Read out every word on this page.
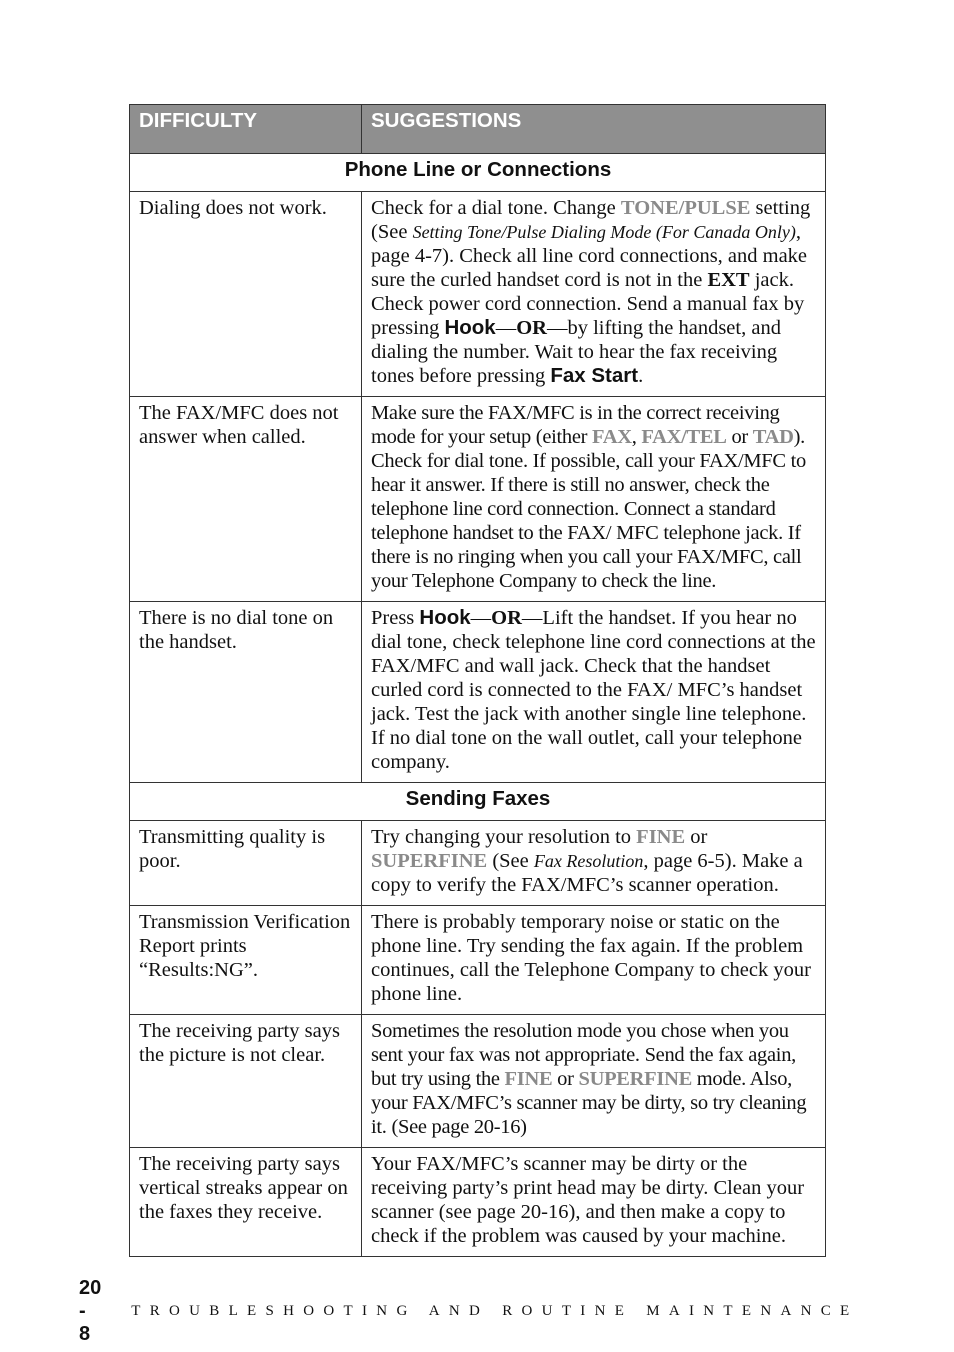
DIFFICULTY	SUGGESTIONS
Phone Line or Connections	
Dialing does not work.	Check for a dial tone. Change TONE/PULSE setting (See Setting Tone/Pulse Dialing Mode (For Canada Only), page 4-7). Check all line cord connections, and make sure the curled handset cord is not in the EXT jack. Check power cord connection. Send a manual fax by pressing Hook—OR—by lifting the handset, and dialing the number. Wait to hear the fax receiving tones before pressing Fax Start.
The FAX/MFC does not answer when called.	Make sure the FAX/MFC is in the correct receiving mode for your setup (either FAX, FAX/TEL or TAD). Check for dial tone. If possible, call your FAX/MFC to hear it answer. If there is still no answer, check the telephone line cord connection. Connect a standard telephone handset to the FAX/ MFC telephone jack. If there is no ringing when you call your FAX/MFC, call your Telephone Company to check the line.
There is no dial tone on the handset.	Press Hook—OR—Lift the handset. If you hear no dial tone, check telephone line cord connections at the FAX/MFC and wall jack. Check that the handset curled cord is connected to the FAX/ MFC’s handset jack. Test the jack with another single line telephone. If no dial tone on the wall outlet, call your telephone company.
Sending Faxes	
Transmitting quality is poor.	Try changing your resolution to FINE or SUPERFINE (See Fax Resolution, page 6-5). Make a copy to verify the FAX/MFC’s scanner operation.
Transmission Verification Report prints “Results:NG”.	There is probably temporary noise or static on the phone line. Try sending the fax again. If the problem continues, call the Telephone Company to check your phone line.
The receiving party says the picture is not clear.	Sometimes the resolution mode you chose when you sent your fax was not appropriate. Send the fax again, but try using the FINE or SUPERFINE mode. Also, your FAX/MFC’s scanner may be dirty, so try cleaning it. (See page 20-16)
The receiving party says vertical streaks appear on the faxes they receive.	Your FAX/MFC’s scanner may be dirty or the receiving party’s print head may be dirty. Clean your scanner (see page 20-16), and then make a copy to check if the problem was caused by your machine.
20 - 8
TROUBLESHOOTING AND ROUTINE MAINTENANCE
